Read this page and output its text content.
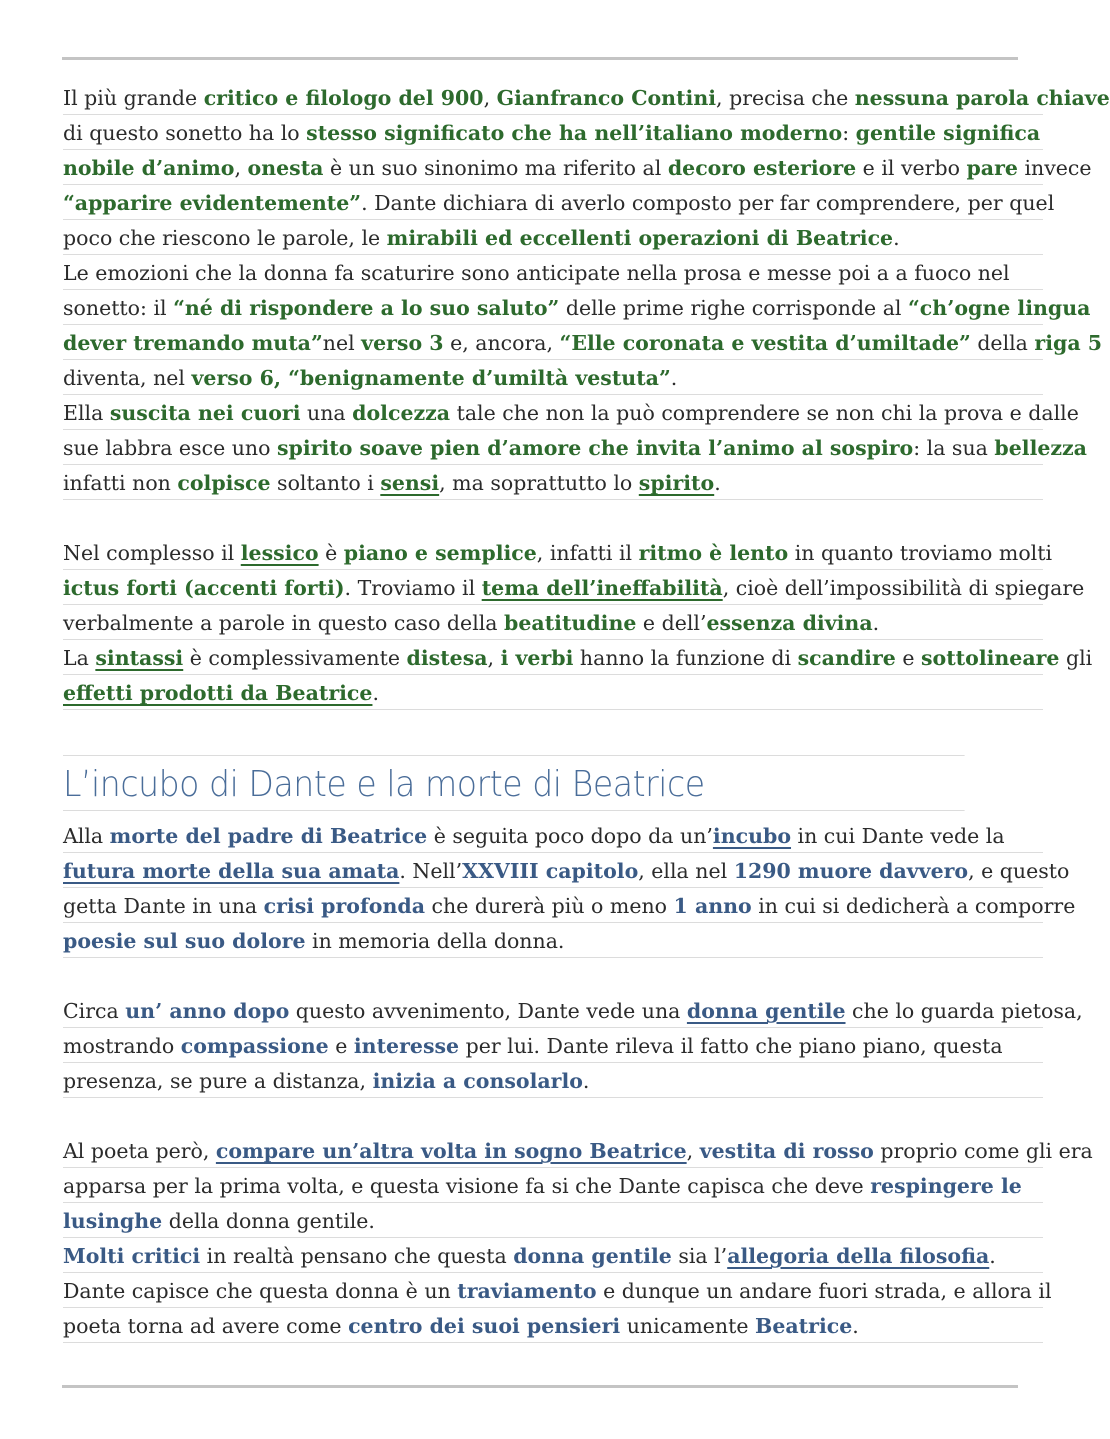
Il più grande critico e filologo del 900, Gianfranco Contini, precisa che nessuna parola chiave
di questo sonetto ha lo stesso significato che ha nell’italiano moderno: gentile significa
nobile d’animo, onesta è un suo sinonimo ma riferito al decoro esteriore e il verbo pare invece
“apparire evidentemente”. Dante dichiara di averlo composto per far comprendere, per quel
poco che riescono le parole, le mirabili ed eccellenti operazioni di Beatrice.
Le emozioni che la donna fa scaturire sono anticipate nella prosa e messe poi a a fuoco nel
sonetto: il “né di rispondere a lo suo saluto” delle prime righe corrisponde al “ch’ogne lingua
dever tremando muta”nel verso 3 e, ancora, “Elle coronata e vestita d’umiltade” della riga 5
diventa, nel verso 6, “benignamente d’umiltà vestuta”.
Ella suscita nei cuori una dolcezza tale che non la può comprendere se non chi la prova e dalle
sue labbra esce uno spirito soave pien d’amore che invita l’animo al sospiro: la sua bellezza
infatti non colpisce soltanto i sensi, ma soprattutto lo spirito.
Nel complesso il lessico è piano e semplice, infatti il ritmo è lento in quanto troviamo molti
ictus forti (accenti forti). Troviamo il tema dell’ineffabilità, cioè dell’impossibilità di spiegare
verbalmente a parole in questo caso della beatitudine e dell’essenza divina.
La sintassi è complessivamente distesa, i verbi hanno la funzione di scandire e sottolineare gli
effetti prodotti da Beatrice.
L’incubo di Dante e la morte di Beatrice
Alla morte del padre di Beatrice è seguita poco dopo da un’incubo in cui Dante vede la
futura morte della sua amata. Nell’XXVIII capitolo, ella nel 1290 muore davvero, e questo
getta Dante in una crisi profonda che durerà più o meno 1 anno in cui si dedicherà a comporre
poesie sul suo dolore in memoria della donna.
Circa un’ anno dopo questo avvenimento, Dante vede una donna gentile che lo guarda pietosa,
mostrando compassione e interesse per lui. Dante rileva il fatto che piano piano, questa
presenza, se pure a distanza, inizia a consolarlo.
Al poeta però, compare un’altra volta in sogno Beatrice, vestita di rosso proprio come gli era
apparsa per la prima volta, e questa visione fa si che Dante capisca che deve respingere le
lusinghe della donna gentile.
Molti critici in realtà pensano che questa donna gentile sia l’allegoria della filosofia.
Dante capisce che questa donna è un traviamento e dunque un andare fuori strada, e allora il
poeta torna ad avere come centro dei suoi pensieri unicamente Beatrice.
